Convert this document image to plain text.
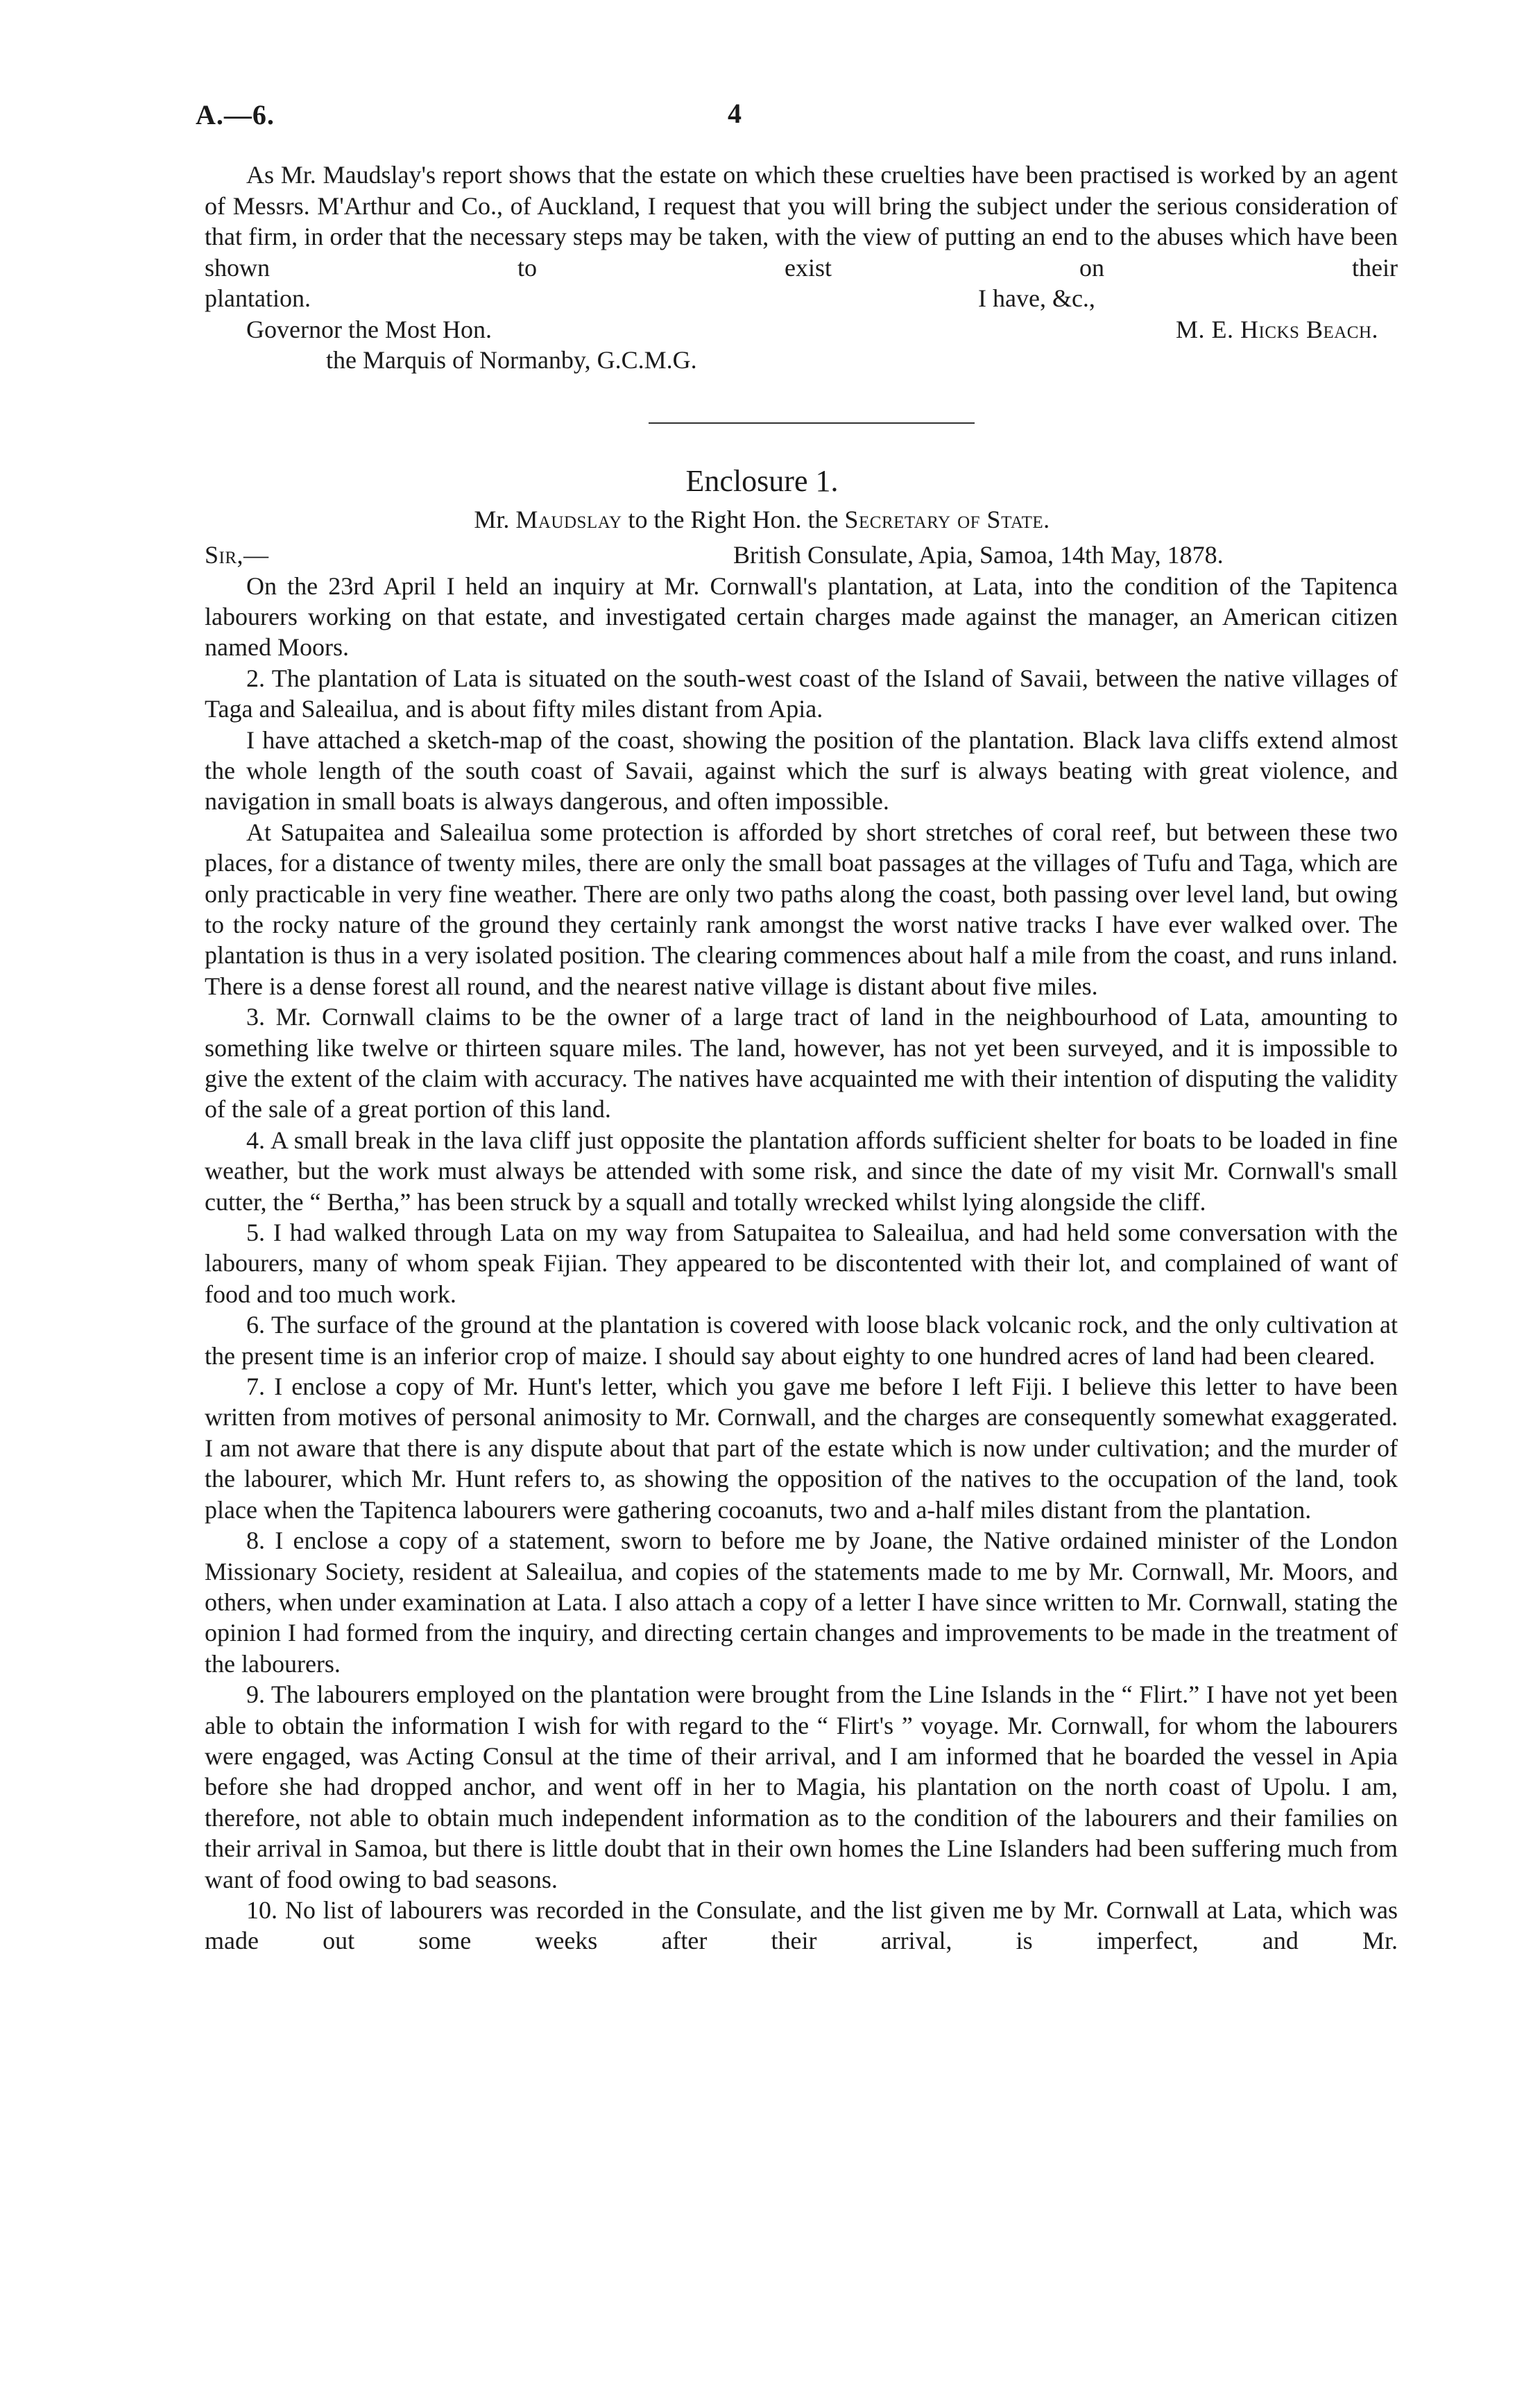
A.—6.	4

As Mr. Maudslay's report shows that the estate on which these cruelties have been practised is worked by an agent of Messrs. M'Arthur and Co., of Auckland, I request that you will bring the subject under the serious consideration of that firm, in order that the necessary steps may be taken, with the view of putting an end to the abuses which have been shown to exist on their

plantation.	I have, &c.,
Governor the Most Hon.	M. E. Hicks Beach.
the Marquis of Normanby, G.C.M.G.
Enclosure 1.
Mr. Maudslay to the Right Hon. the Secretary of State.
Sir,—	British Consulate, Apia, Samoa, 14th May, 1878.

On the 23rd April I held an inquiry at Mr. Cornwall's plantation, at Lata, into the condition of the Tapitenca labourers working on that estate, and investigated certain charges made against the manager, an American citizen named Moors.

2. The plantation of Lata is situated on the south-west coast of the Island of Savaii, between the native villages of Taga and Saleailua, and is about fifty miles distant from Apia.

I have attached a sketch-map of the coast, showing the position of the plantation. Black lava cliffs extend almost the whole length of the south coast of Savaii, against which the surf is always beating with great violence, and navigation in small boats is always dangerous, and often impossible.

At Satupaitea and Saleailua some protection is afforded by short stretches of coral reef, but between these two places, for a distance of twenty miles, there are only the small boat passages at the villages of Tufu and Taga, which are only practicable in very fine weather. There are only two paths along the coast, both passing over level land, but owing to the rocky nature of the ground they certainly rank amongst the worst native tracks I have ever walked over. The plantation is thus in a very isolated position. The clearing commences about half a mile from the coast, and runs inland. There is a dense forest all round, and the nearest native village is distant about five miles.

3. Mr. Cornwall claims to be the owner of a large tract of land in the neighbourhood of Lata, amounting to something like twelve or thirteen square miles. The land, however, has not yet been surveyed, and it is impossible to give the extent of the claim with accuracy. The natives have acquainted me with their intention of disputing the validity of the sale of a great portion of this land.

4. A small break in the lava cliff just opposite the plantation affords sufficient shelter for boats to be loaded in fine weather, but the work must always be attended with some risk, and since the date of my visit Mr. Cornwall's small cutter, the “ Bertha,” has been struck by a squall and totally wrecked whilst lying alongside the cliff.

5. I had walked through Lata on my way from Satupaitea to Saleailua, and had held some conversation with the labourers, many of whom speak Fijian. They appeared to be discontented with their lot, and complained of want of food and too much work.

6. The surface of the ground at the plantation is covered with loose black volcanic rock, and the only cultivation at the present time is an inferior crop of maize. I should say about eighty to one hundred acres of land had been cleared.

7. I enclose a copy of Mr. Hunt's letter, which you gave me before I left Fiji. I believe this letter to have been written from motives of personal animosity to Mr. Cornwall, and the charges are consequently somewhat exaggerated. I am not aware that there is any dispute about that part of the estate which is now under cultivation; and the murder of the labourer, which Mr. Hunt refers to, as showing the opposition of the natives to the occupation of the land, took place when the Tapitenca labourers were gathering cocoanuts, two and a-half miles distant from the plantation.

8. I enclose a copy of a statement, sworn to before me by Joane, the Native ordained minister of the London Missionary Society, resident at Saleailua, and copies of the statements made to me by Mr. Cornwall, Mr. Moors, and others, when under examination at Lata. I also attach a copy of a letter I have since written to Mr. Cornwall, stating the opinion I had formed from the inquiry, and directing certain changes and improvements to be made in the treatment of the labourers.

9. The labourers employed on the plantation were brought from the Line Islands in the “ Flirt.” I have not yet been able to obtain the information I wish for with regard to the “ Flirt's ” voyage. Mr. Cornwall, for whom the labourers were engaged, was Acting Consul at the time of their arrival, and I am informed that he boarded the vessel in Apia before she had dropped anchor, and went off in her to Magia, his plantation on the north coast of Upolu. I am, therefore, not able to obtain much independent information as to the condition of the labourers and their families on their arrival in Samoa, but there is little doubt that in their own homes the Line Islanders had been suffering much from want of food owing to bad seasons.

10. No list of labourers was recorded in the Consulate, and the list given me by Mr. Cornwall at Lata, which was made out some weeks after their arrival, is imperfect, and Mr.
